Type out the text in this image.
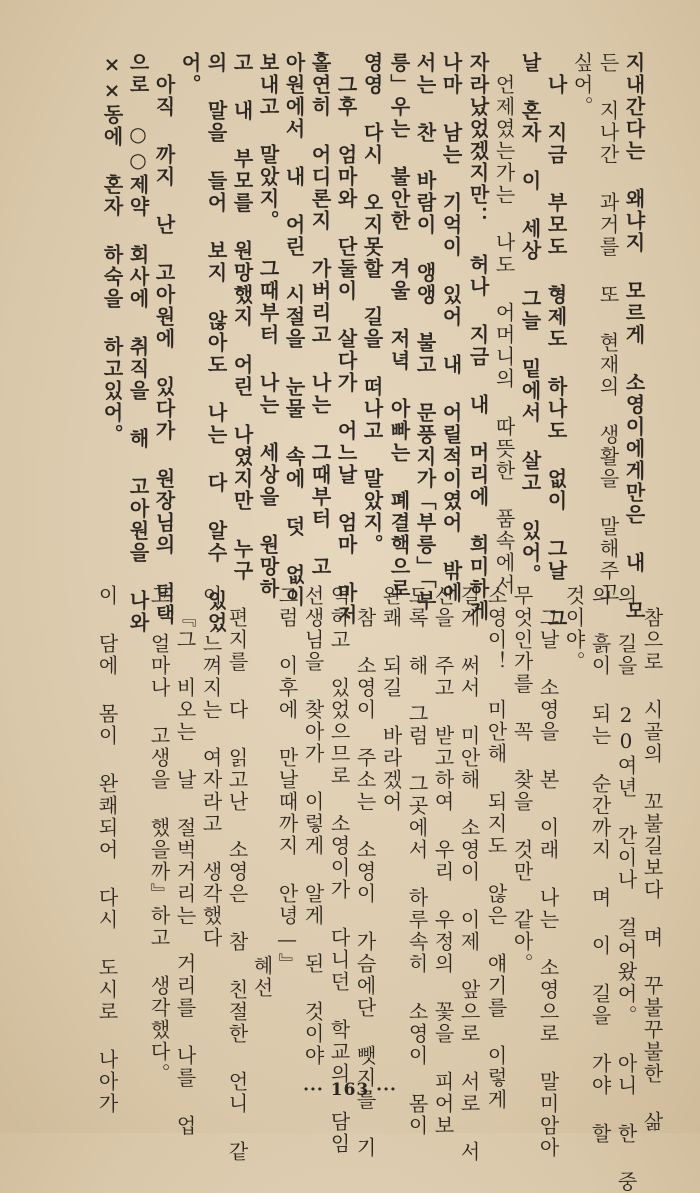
지내간다는 왜냐지 모르게 소영이에게만은 내 모
든 지나간 과거를 또 현재의 생활을 말해주고
싶어。
나 지금 부모도 형제도 하나도 없이 그날 그
날 혼자 이 세상 그늘 밑에서 살고 있어。
언제였는가는 나도 어머니의 따뜻한 품속에서
자라났었겠지만： 허나 지금 내 머리에 희미하게
나마 남는 기억이 있어 내 어릴적이였어 밖에
서는 찬 바람이 앵앵 불고 문풍지가「부릉」「부
릉」우는 불안한 겨울 저녁 아빠는 폐결핵으로
영영 다시 오지못할 길을 떠나고 말았지。
그후 엄마와 단둘이 살다가 어느날 엄마 마저
홀연히 어디론지 가버리고 나는 그때부터 고
아원에서 내 어린 시절을 눈물 속에 덧 없이
보내고 말았지。 그때부터 나는 세상을 원망하
고 내 부모를 원망했지 어린 나였지만 누구
의 말을 들어 보지 않아도 나는 다 알수 있었
어。
아직 까지 난 고아원에 있다가 원장님의 덕택
으로 ○○제약 회사에 취직을 해 고아원을 나와
××동에 혼자 하숙을 하고있어。
참으로 시골의 꼬불길보다 며 꾸불꾸불한 삶
의 길을 20여년 간이나 걸어왔어。 아니 한 중
의 흙이 되는 순간까지 며 이 길을 가야 할
것이야。
그날 소영을 본 이래 나는 소영으로 말미암아
무엇인가를 꼭 찾을 것만 같아。
소영이！ 미안해 되지도 않은 얘기를 이렇게
길게 써서 미안해 소영이 이제 앞으로 서로 서
신을 주고 받고하여 우리 우정의 꽃을 피어보
도록 해 그럼 그곳에서 하루속히 소영이 몸이
완쾌 되길 바라겠어
참 소영이 주소는 소영이 가슴에단 뺏지를 기
억하고 있었으므로 소영이가 다니던 학교의 담임
선생님을 찾아가 이렇게 알게 된 것이야
그럼 이후에 만날때까지 안녕—』
혜선
편지를 다 읽고난 소영은 참 친절한 언니 같
이 느껴지는 여자라고 생각했다
『그 비오는 날 절벅거리는 거리를 나를 업
고 얼마나 고생을 했을까』하고 생각했다。
이 담에 몸이 완쾌되어 다시 도시로 나아가	··· 163 ···
